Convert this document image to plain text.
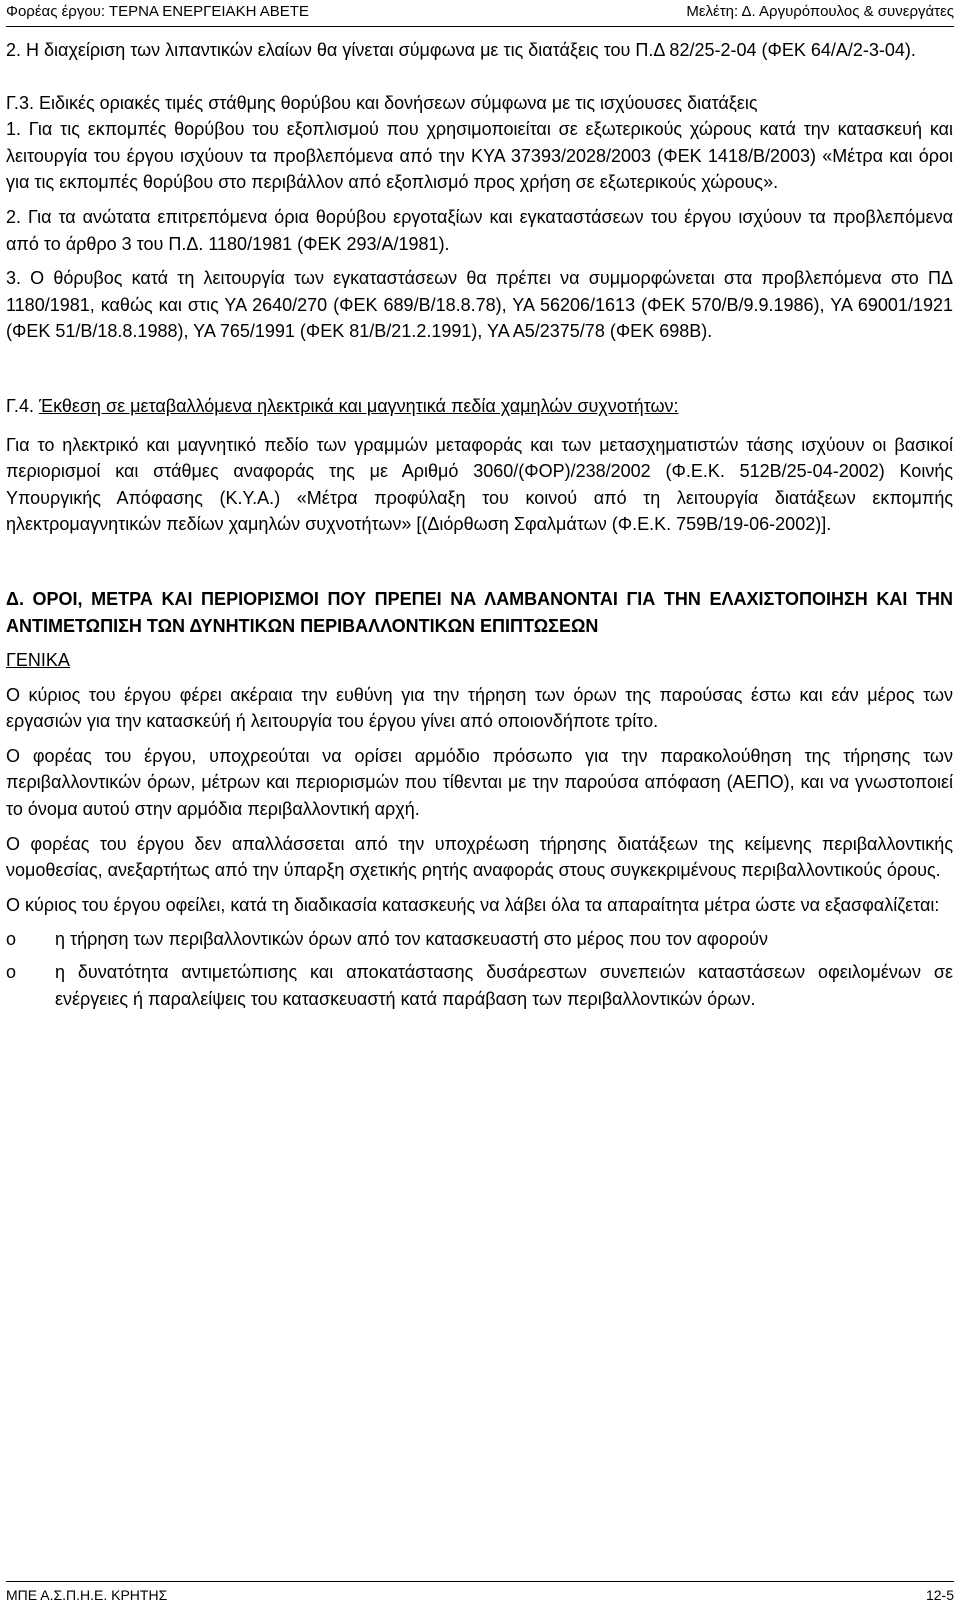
Φορέας έργου: ΤΕΡΝΑ ΕΝΕΡΓΕΙΑΚΗ ΑΒΕΤΕ	Μελέτη: Δ. Αργυρόπουλος & συνεργάτες

2. Η διαχείριση των λιπαντικών ελαίων θα γίνεται σύμφωνα με τις διατάξεις του Π.Δ 82/25-2-04 (ΦΕΚ 64/Α/2-3-04).

Γ.3. Ειδικές οριακές τιμές στάθμης θορύβου και δονήσεων σύμφωνα με τις ισχύουσες διατάξεις

1. Για τις εκπομπές θορύβου του εξοπλισμού που χρησιμοποιείται σε εξωτερικούς χώρους κατά την κατασκευή και λειτουργία του έργου ισχύουν τα προβλεπόμενα από την ΚΥΑ 37393/2028/2003 (ΦΕΚ 1418/Β/2003) «Μέτρα και όροι για τις εκπομπές θορύβου στο περιβάλλον από εξοπλισμό προς χρήση σε εξωτερικούς χώρους».

2. Για τα ανώτατα επιτρεπόμενα όρια θορύβου εργοταξίων και εγκαταστάσεων του έργου ισχύουν τα προβλεπόμενα από το άρθρο 3 του Π.Δ. 1180/1981 (ΦΕΚ 293/Α/1981).

3. Ο θόρυβος κατά τη λειτουργία των εγκαταστάσεων θα πρέπει να συμμορφώνεται στα προβλεπόμενα στο ΠΔ 1180/1981, καθώς και στις ΥΑ 2640/270 (ΦΕΚ 689/Β/18.8.78), ΥΑ 56206/1613 (ΦΕΚ 570/Β/9.9.1986), ΥΑ 69001/1921 (ΦΕΚ 51/Β/18.8.1988), ΥΑ 765/1991 (ΦΕΚ 81/Β/21.2.1991), ΥΑ Α5/2375/78 (ΦΕΚ 698Β).

Γ.4. Έκθεση σε μεταβαλλόμενα ηλεκτρικά και μαγνητικά πεδία χαμηλών συχνοτήτων:

Για το ηλεκτρικό και μαγνητικό πεδίο των γραμμών μεταφοράς και των μετασχηματιστών τάσης ισχύουν οι βασικοί περιορισμοί και στάθμες αναφοράς της με Αριθμό 3060/(ΦΟΡ)/238/2002 (Φ.Ε.Κ. 512Β/25-04-2002) Κοινής Υπουργικής Απόφασης (Κ.Υ.Α.) «Μέτρα προφύλαξη του κοινού από τη λειτουργία διατάξεων εκπομπής ηλεκτρομαγνητικών πεδίων χαμηλών συχνοτήτων» [(Διόρθωση Σφαλμάτων (Φ.Ε.Κ. 759Β/19-06-2002)].

Δ. ΟΡΟΙ, ΜΕΤΡΑ ΚΑΙ ΠΕΡΙΟΡΙΣΜΟΙ ΠΟΥ ΠΡΕΠΕΙ ΝΑ ΛΑΜΒΑΝΟΝΤΑΙ ΓΙΑ ΤΗΝ ΕΛΑΧΙΣΤΟΠΟΙΗΣΗ ΚΑΙ ΤΗΝ ΑΝΤΙΜΕΤΩΠΙΣΗ ΤΩΝ ΔΥΝΗΤΙΚΩΝ ΠΕΡΙΒΑΛΛΟΝΤΙΚΩΝ ΕΠΙΠΤΩΣΕΩΝ

ΓΕΝΙΚΑ

Ο κύριος του έργου φέρει ακέραια την ευθύνη για την τήρηση των όρων της παρούσας έστω και εάν μέρος των εργασιών για την κατασκεύή ή λειτουργία του έργου γίνει από οποιονδήποτε τρίτο.

Ο φορέας του έργου, υποχρεούται να ορίσει αρμόδιο πρόσωπο για την παρακολούθηση της τήρησης των περιβαλλοντικών όρων, μέτρων και περιορισμών που τίθενται με την παρούσα απόφαση (ΑΕΠΟ), και να γνωστοποιεί το όνομα αυτού στην αρμόδια περιβαλλοντική αρχή.

Ο φορέας του έργου δεν απαλλάσσεται από την υποχρέωση τήρησης διατάξεων της κείμενης περιβαλλοντικής νομοθεσίας, ανεξαρτήτως από την ύπαρξη σχετικής ρητής αναφοράς στους συγκεκριμένους περιβαλλοντικούς όρους.

Ο κύριος του έργου οφείλει, κατά τη διαδικασία κατασκευής να λάβει όλα τα απαραίτητα μέτρα ώστε να εξασφαλίζεται:

o η τήρηση των περιβαλλοντικών όρων από τον κατασκευαστή στο μέρος που τον αφορούν
o η δυνατότητα αντιμετώπισης και αποκατάστασης δυσάρεστων συνεπειών καταστάσεων οφειλομένων σε ενέργειες ή παραλείψεις του κατασκευαστή κατά παράβαση των περιβαλλοντικών όρων.
ΜΠΕ Α.Σ.Π.Η.Ε. ΚΡΗΤΗΣ	12-5
